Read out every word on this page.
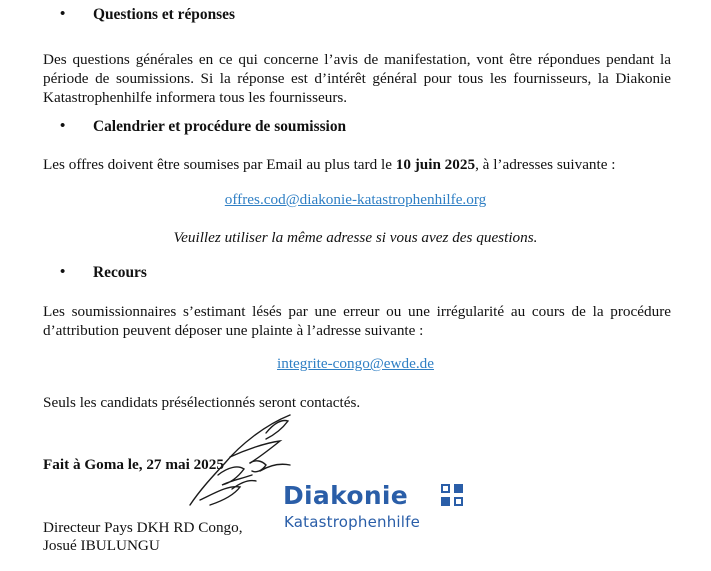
• Questions et réponses
Des questions générales en ce qui concerne l’avis de manifestation, vont être répondues pendant la période de soumissions. Si la réponse est d’intérêt général pour tous les fournisseurs, la Diakonie Katastrophenhilfe informera tous les fournisseurs.
• Calendrier et procédure de soumission
Les offres doivent être soumises par Email au plus tard le 10 juin 2025, à l’adresses suivante :
offres.cod@diakonie-katastrophenhilfe.org
Veuillez utiliser la même adresse si vous avez des questions.
• Recours
Les soumissionnaires s’estimant lésés par une erreur ou une irrégularité au cours de la procédure d’attribution peuvent déposer une plainte à l’adresse suivante :
integrite-congo@ewde.de
Seuls les candidats présélectionnés seront contactés.
Fait à Goma le, 27 mai 2025
Directeur Pays DKH RD Congo,
Josué IBULUNGU
Diakonie
Katastrophenhilfe
